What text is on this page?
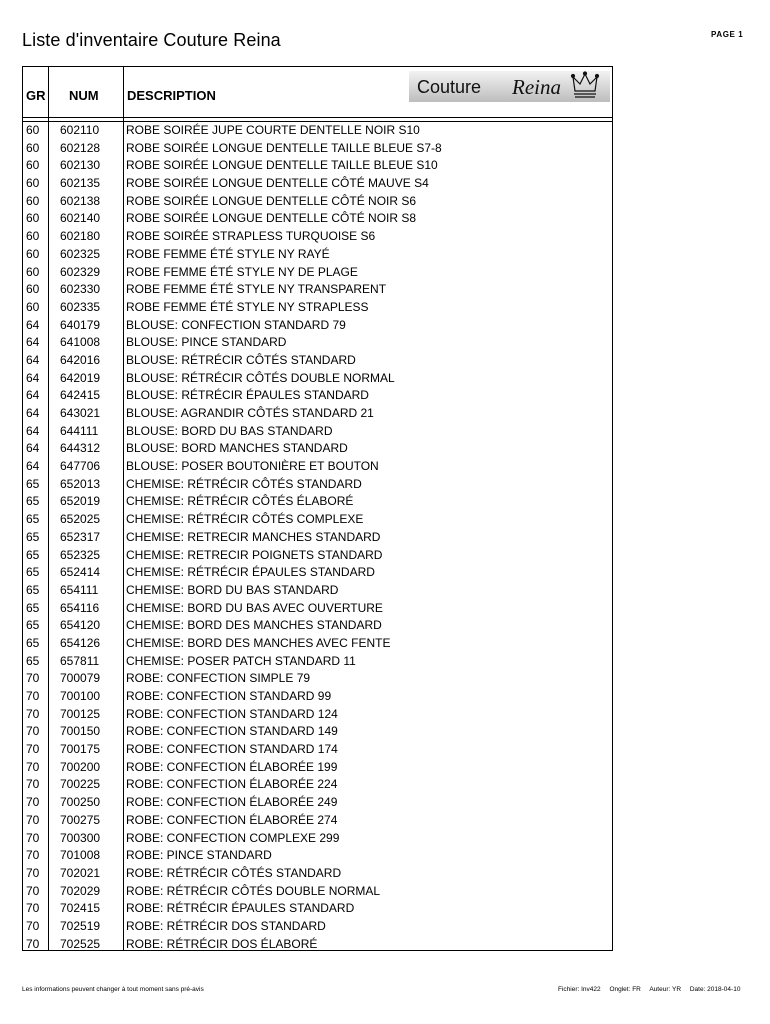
Liste d'inventaire Couture Reina	PAGE 1
GR NUM DESCRIPTION	Couture Reina
60	602110	ROBE SOIRÉE JUPE COURTE DENTELLE NOIR S10
60	602128	ROBE SOIRÉE LONGUE DENTELLE TAILLE BLEUE S7-8
60	602130	ROBE SOIRÉE LONGUE DENTELLE TAILLE BLEUE S10
60	602135	ROBE SOIRÉE LONGUE DENTELLE CÔTÉ MAUVE S4
60	602138	ROBE SOIRÉE LONGUE DENTELLE CÔTÉ NOIR S6
60	602140	ROBE SOIRÉE LONGUE DENTELLE CÔTÉ NOIR S8
60	602180	ROBE SOIRÉE STRAPLESS TURQUOISE S6
60	602325	ROBE FEMME ÉTÉ STYLE NY RAYÉ
60	602329	ROBE FEMME ÉTÉ STYLE NY DE PLAGE
60	602330	ROBE FEMME ÉTÉ STYLE NY TRANSPARENT
60	602335	ROBE FEMME ÉTÉ STYLE NY STRAPLESS
64	640179	BLOUSE: CONFECTION STANDARD 79
64	641008	BLOUSE: PINCE STANDARD
64	642016	BLOUSE: RÉTRÉCIR CÔTÉS STANDARD
64	642019	BLOUSE: RÉTRÉCIR CÔTÉS DOUBLE NORMAL
64	642415	BLOUSE: RÉTRÉCIR ÉPAULES STANDARD
64	643021	BLOUSE: AGRANDIR CÔTÉS STANDARD 21
64	644111	BLOUSE: BORD DU BAS STANDARD
64	644312	BLOUSE: BORD MANCHES STANDARD
64	647706	BLOUSE: POSER BOUTONIÈRE ET BOUTON
65	652013	CHEMISE: RÉTRÉCIR CÔTÉS STANDARD
65	652019	CHEMISE: RÉTRÉCIR CÔTÉS ÉLABORÉ
65	652025	CHEMISE: RÉTRÉCIR CÔTÉS COMPLEXE
65	652317	CHEMISE: RETRECIR MANCHES STANDARD
65	652325	CHEMISE: RETRECIR POIGNETS STANDARD
65	652414	CHEMISE: RÉTRÉCIR ÉPAULES STANDARD
65	654111	CHEMISE: BORD DU BAS STANDARD
65	654116	CHEMISE: BORD DU BAS AVEC OUVERTURE
65	654120	CHEMISE: BORD DES MANCHES STANDARD
65	654126	CHEMISE: BORD DES MANCHES AVEC FENTE
65	657811	CHEMISE: POSER PATCH STANDARD 11
70	700079	ROBE: CONFECTION SIMPLE 79
70	700100	ROBE: CONFECTION STANDARD 99
70	700125	ROBE: CONFECTION STANDARD 124
70	700150	ROBE: CONFECTION STANDARD 149
70	700175	ROBE: CONFECTION STANDARD 174
70	700200	ROBE: CONFECTION ÉLABORÉE 199
70	700225	ROBE: CONFECTION ÉLABORÉE 224
70	700250	ROBE: CONFECTION ÉLABORÉE 249
70	700275	ROBE: CONFECTION ÉLABORÉE 274
70	700300	ROBE: CONFECTION COMPLEXE 299
70	701008	ROBE: PINCE STANDARD
70	702021	ROBE: RÉTRÉCIR CÔTÉS STANDARD
70	702029	ROBE: RÉTRÉCIR CÔTÉS DOUBLE NORMAL
70	702415	ROBE: RÉTRÉCIR ÉPAULES STANDARD
70	702519	ROBE: RÉTRÉCIR DOS STANDARD
70	702525	ROBE: RÉTRÉCIR DOS ÉLABORÉ
Les informations peuvent changer à tout moment sans pré-avis	Fichier: Inv422 Onglet: FR Auteur: YR Date: 2018-04-10
